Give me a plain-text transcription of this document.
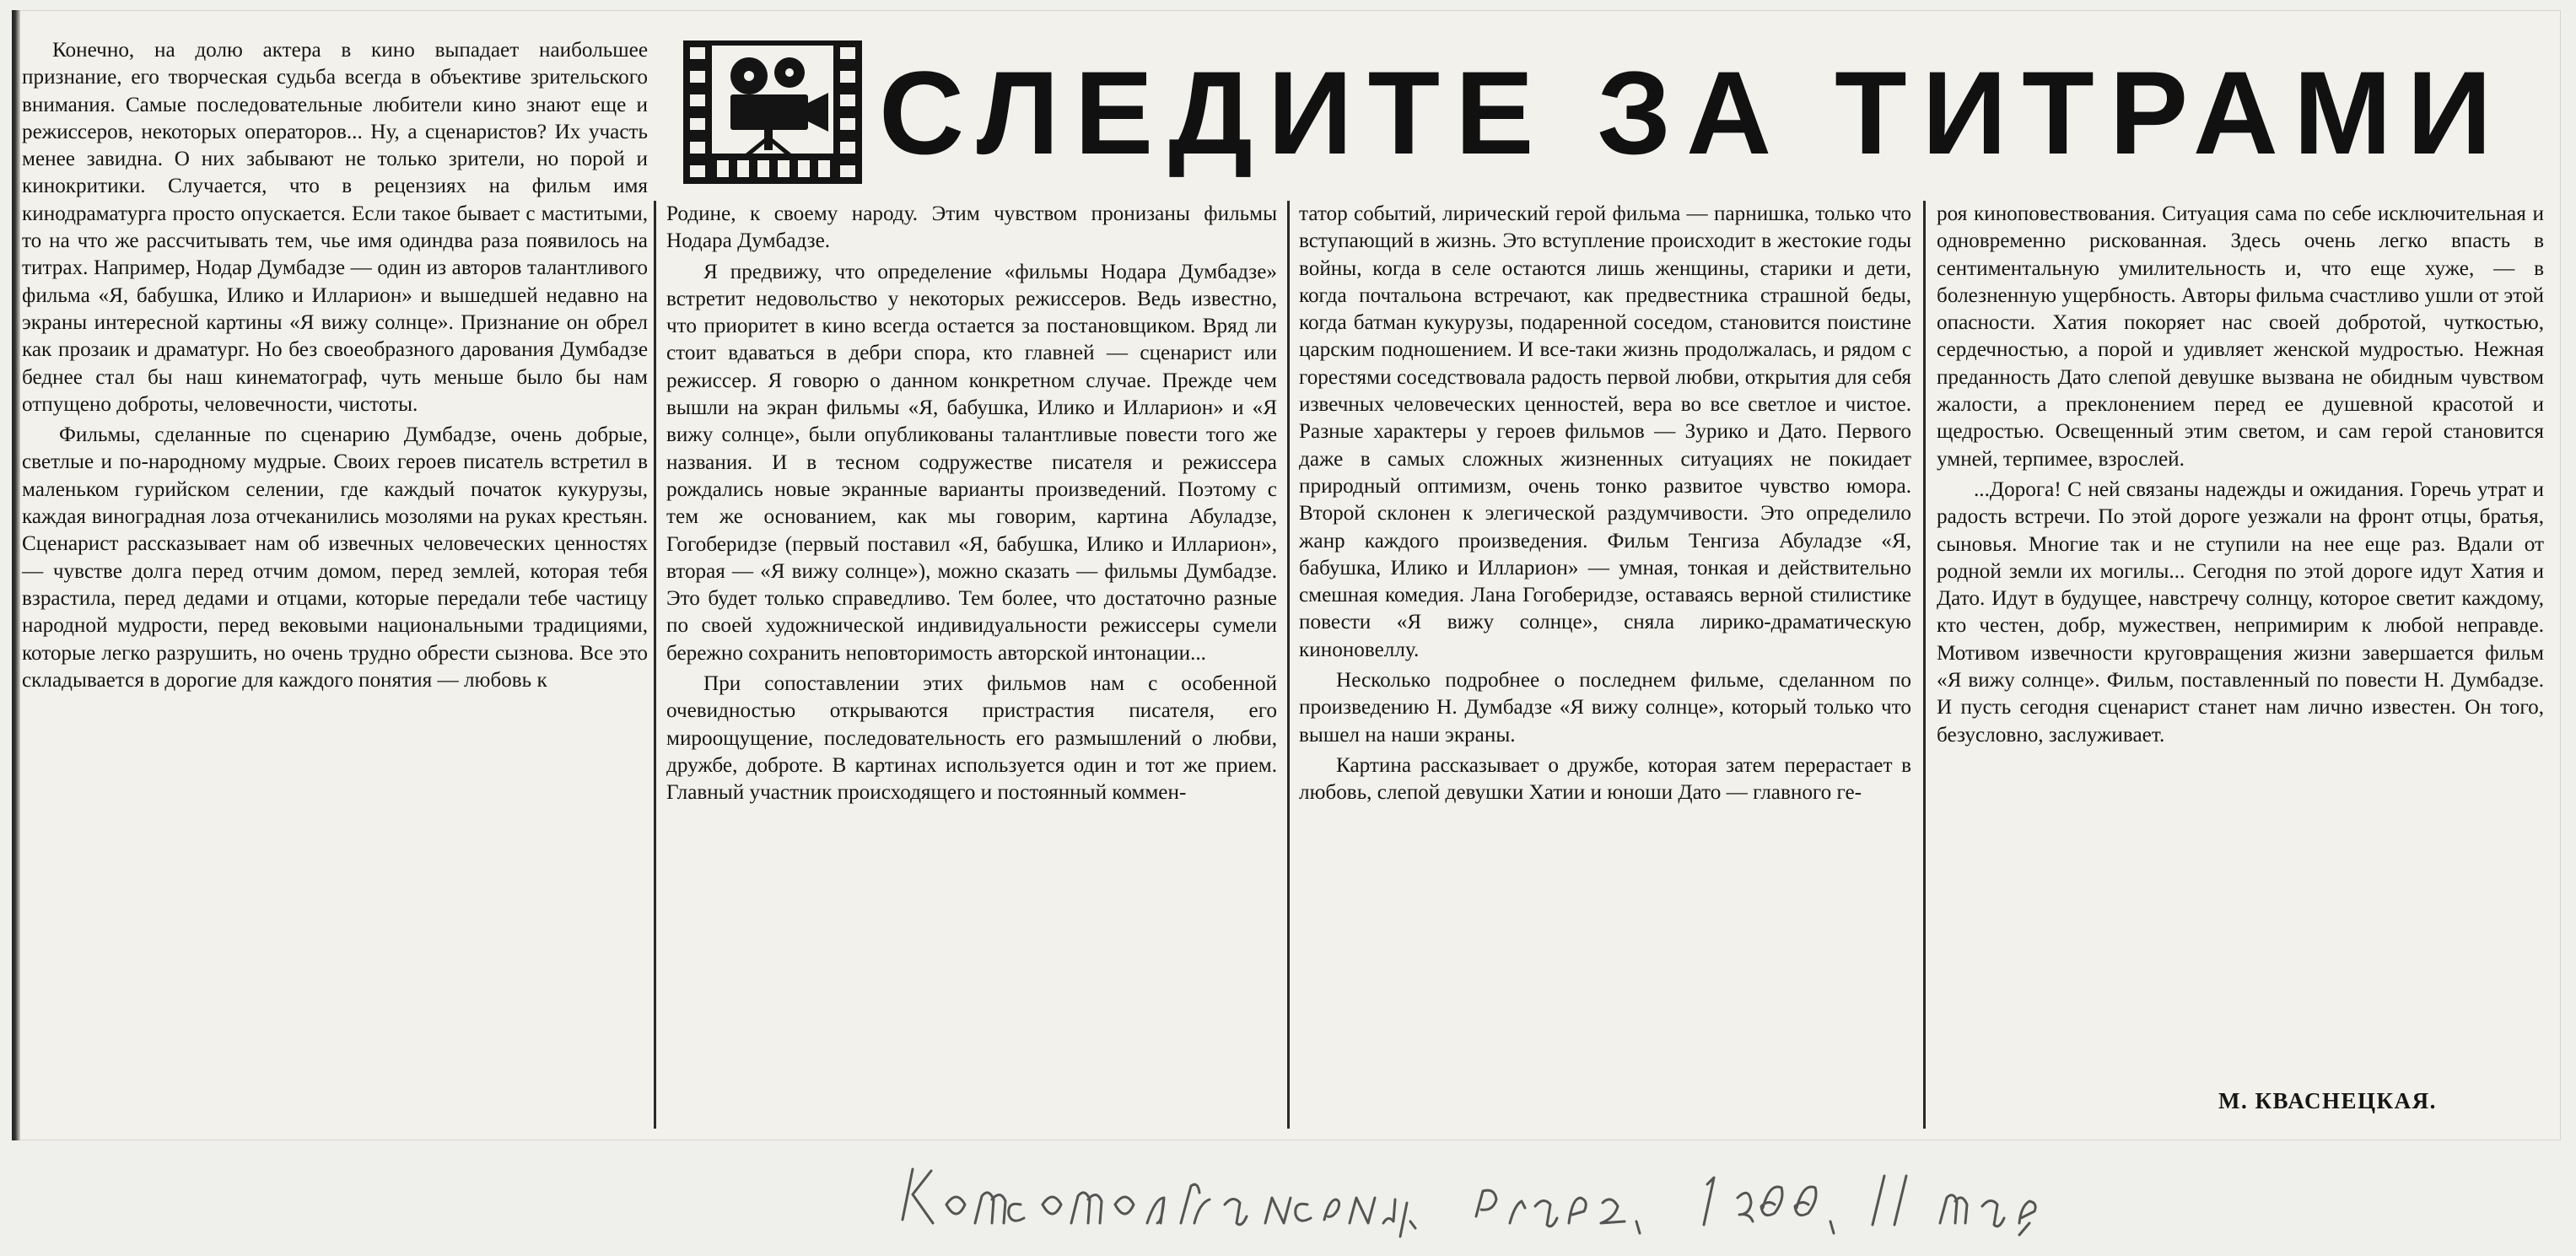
СЛЕДИТЕ ЗА ТИТРАМИ

Конечно, на долю актера в кино выпадает наибольшее признание, его творческая судьба всегда в объективе зрительского внимания. Самые последовательные любители кино знают еще и режиссеров, некоторых операторов... Ну, а сценаристов? Их участь менее завидна. О них забывают не только зрители, но порой и кинокритики. Случается, что в рецензиях на фильм имя кинодраматурга просто опускается. Если такое бывает с маститыми, то на что же рассчитывать тем, чье имя одиндва раза появилось на титрах. Например, Нодар Думбадзе — один из авторов талантливого фильма «Я, бабушка, Илико и Илларион» и вышедшей недавно на экраны интересной картины «Я вижу солнце». Признание он обрел как прозаик и драматург. Но без своеобразного дарования Думбадзе беднее стал бы наш кинематограф, чуть меньше было бы нам отпущено доброты, человечности, чистоты.

Фильмы, сделанные по сценарию Думбадзе, очень добрые, светлые и по-народному мудрые. Своих героев писатель встретил в маленьком гурийском селении, где каждый початок кукурузы, каждая виноградная лоза отчеканились мозолями на руках крестьян. Сценарист рассказывает нам об извечных человеческих ценностях — чувстве долга перед отчим домом, перед землей, которая тебя взрастила, перед дедами и отцами, которые передали тебе частицу народной мудрости, перед вековыми национальными традициями, которые легко разрушить, но очень трудно обрести сызнова. Все это складывается в дорогие для каждого понятия — любовь к

Родине, к своему народу. Этим чувством пронизаны фильмы Нодара Думбадзе.

Я предвижу, что определение «фильмы Нодара Думбадзе» встретит недовольство у некоторых режиссеров. Ведь известно, что приоритет в кино всегда остается за постановщиком. Вряд ли стоит вдаваться в дебри спора, кто главней — сценарист или режиссер. Я говорю о данном конкретном случае. Прежде чем вышли на экран фильмы «Я, бабушка, Илико и Илларион» и «Я вижу солнце», были опубликованы талантливые повести того же названия. И в тесном содружестве писателя и режиссера рождались новые экранные варианты произведений. Поэтому с тем же основанием, как мы говорим, картина Абуладзе, Гогоберидзе (первый поставил «Я, бабушка, Илико и Илларион», вторая — «Я вижу солнце»), можно сказать — фильмы Думбадзе. Это будет только справедливо. Тем более, что достаточно разные по своей художнической индивидуальности режиссеры сумели бережно сохранить неповторимость авторской интонации...

При сопоставлении этих фильмов нам с особенной очевидностью открываются пристрастия писателя, его мироощущение, последовательность его размышлений о любви, дружбе, доброте. В картинах используется один и тот же прием. Главный участник происходящего и постоянный коммен-

татор событий, лирический герой фильма — парнишка, только что вступающий в жизнь. Это вступление происходит в жестокие годы войны, когда в селе остаются лишь женщины, старики и дети, когда почтальона встречают, как предвестника страшной беды, когда батман кукурузы, подаренной соседом, становится поистине царским подношением. И все-таки жизнь продолжалась, и рядом с горестями соседствовала радость первой любви, открытия для себя извечных человеческих ценностей, вера во все светлое и чистое. Разные характеры у героев фильмов — Зурико и Дато. Первого даже в самых сложных жизненных ситуациях не покидает природный оптимизм, очень тонко развитое чувство юмора. Второй склонен к элегической раздумчивости. Это определило жанр каждого произведения. Фильм Тенгиза Абуладзе «Я, бабушка, Илико и Илларион» — умная, тонкая и действительно смешная комедия. Лана Гогоберидзе, оставаясь верной стилистике повести «Я вижу солнце», сняла лирико-драматическую киноновеллу.

Несколько подробнее о последнем фильме, сделанном по произведению Н. Думбадзе «Я вижу солнце», который только что вышел на наши экраны.

Картина рассказывает о дружбе, которая затем перерастает в любовь, слепой девушки Хатии и юноши Дато — главного ге-

роя киноповествования. Ситуация сама по себе исключительная и одновременно рискованная. Здесь очень легко впасть в сентиментальную умилительность и, что еще хуже, — в болезненную ущербность. Авторы фильма счастливо ушли от этой опасности. Хатия покоряет нас своей добротой, чуткостью, сердечностью, а порой и удивляет женской мудростью. Нежная преданность Дато слепой девушке вызвана не обидным чувством жалости, а преклонением перед ее душевной красотой и щедростью. Освещенный этим светом, и сам герой становится умней, терпимее, взрослей.

...Дорога! С ней связаны надежды и ожидания. Горечь утрат и радость встречи. По этой дороге уезжали на фронт отцы, братья, сыновья. Многие так и не ступили на нее еще раз. Вдали от родной земли их могилы... Сегодня по этой дороге идут Хатия и Дато. Идут в будущее, навстречу солнцу, которое светит каждому, кто честен, добр, мужествен, непримирим к любой неправде. Мотивом извечности круговращения жизни завершается фильм «Я вижу солнце». Фильм, поставленный по повести Н. Думбадзе. И пусть сегодня сценарист станет нам лично известен. Он того, безусловно, заслуживает.

М. КВАСНЕЦКАЯ.
